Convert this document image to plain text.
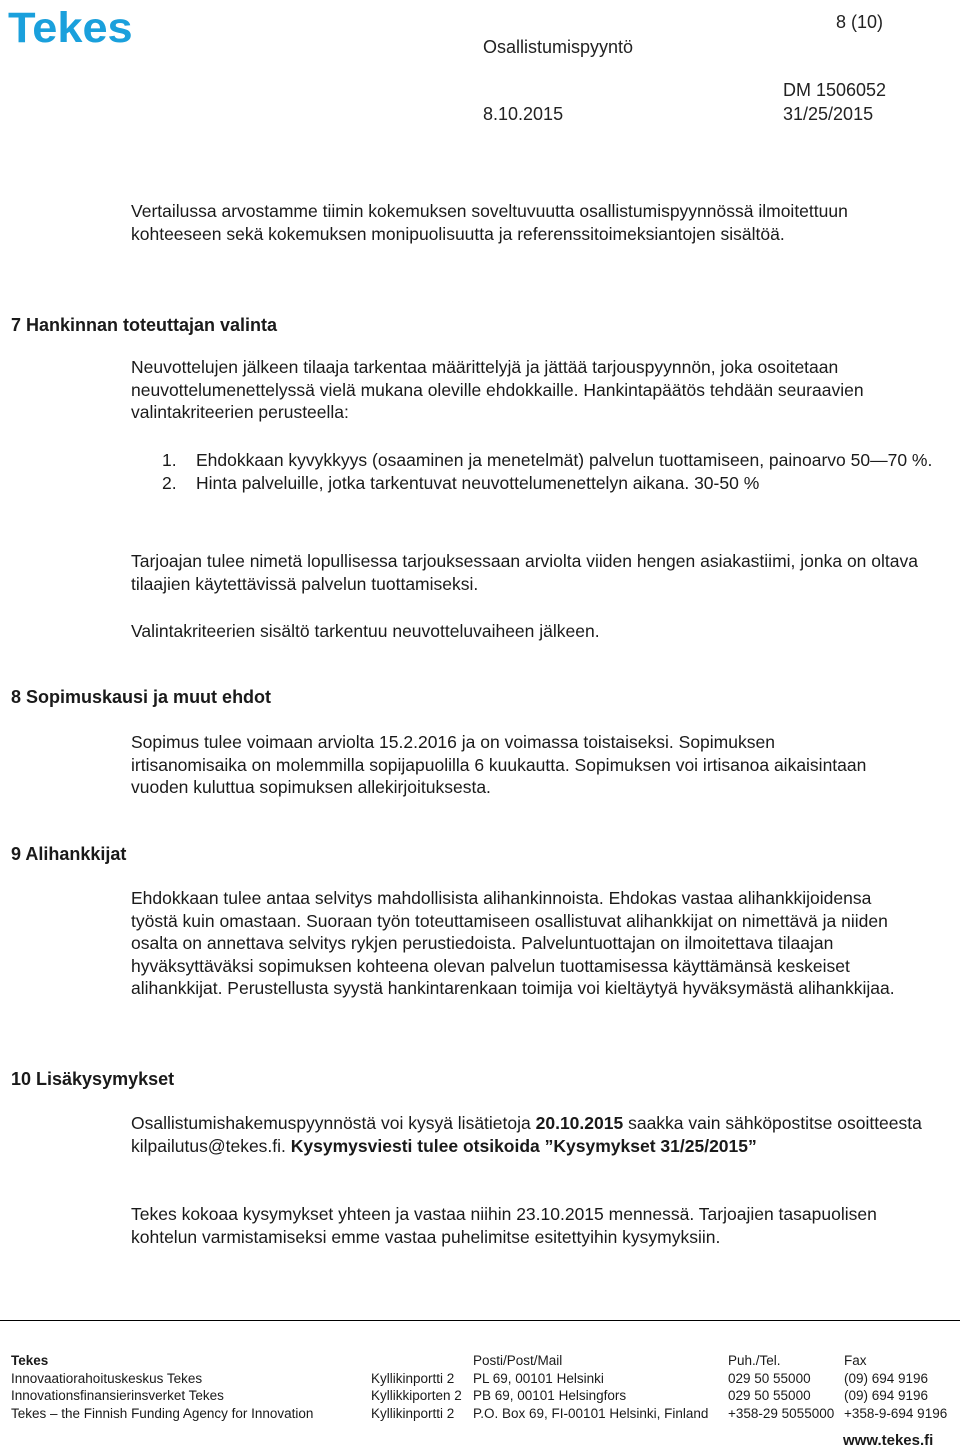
Tekes	8 (10)
Osallistumispyyntö
DM 1506052
8.10.2015	31/25/2015

Vertailussa arvostamme tiimin kokemuksen soveltuvuutta osallistumispyynnössä ilmoitettuun kohteeseen sekä kokemuksen monipuolisuutta ja referenssitoimeksiantojen sisältöä.

7 Hankinnan toteuttajan valinta

Neuvottelujen jälkeen tilaaja tarkentaa määrittelyjä ja jättää tarjouspyynnön, joka osoitetaan neuvottelumenettelyssä vielä mukana oleville ehdokkaille. Hankintapäätös tehdään seuraavien valintakriteerien perusteella:

1. Ehdokkaan kyvykkyys (osaaminen ja menetelmät) palvelun tuottamiseen, painoarvo 50—70 %.
2. Hinta palveluille, jotka tarkentuvat neuvottelumenettelyn aikana. 30-50 %

Tarjoajan tulee nimetä lopullisessa tarjouksessaan arviolta viiden hengen asiakastiimi, jonka on oltava tilaajien käytettävissä palvelun tuottamiseksi.

Valintakriteerien sisältö tarkentuu neuvotteluvaiheen jälkeen.

8 Sopimuskausi ja muut ehdot

Sopimus tulee voimaan arviolta 15.2.2016 ja on voimassa toistaiseksi. Sopimuksen irtisanomisaika on molemmilla sopijapuolilla 6 kuukautta. Sopimuksen voi irtisanoa aikaisintaan vuoden kuluttua sopimuksen allekirjoituksesta.

9 Alihankkijat

Ehdokkaan tulee antaa selvitys mahdollisista alihankinnoista. Ehdokas vastaa alihankkijoidensa työstä kuin omastaan. Suoraan työn toteuttamiseen osallistuvat alihankkijat on nimettävä ja niiden osalta on annettava selvitys rykjen perustiedoista. Palveluntuottajan on ilmoitettava tilaajan hyväksyttäväksi sopimuksen kohteena olevan palvelun tuottamisessa käyttämänsä keskeiset alihankkijat. Perustellusta syystä hankintarenkaan toimija voi kieltäytyä hyväksymästä alihankkijaa.

10 Lisäkysymykset

Osallistumishakemuspyynnöstä voi kysyä lisätietoja 20.10.2015 saakka vain sähköpostitse osoitteesta kilpailutus@tekes.fi. Kysymysviesti tulee otsikoida ”Kysymykset 31/25/2015”

Tekes kokoaa kysymykset yhteen ja vastaa niihin 23.10.2015 mennessä. Tarjoajien tasapuolisen kohtelun varmistamiseksi emme vastaa puhelimitse esitettyihin kysymyksiin.

Tekes
Innovaatiorahoituskeskus Tekes
Innovationsfinansierinsverket Tekes
Tekes – the Finnish Funding Agency for Innovation
Kyllikinportti 2
Kyllikkiporten 2
Kyllikinportti 2
Posti/Post/Mail
PL 69, 00101 Helsinki
PB 69, 00101 Helsingfors
P.O. Box 69, FI-00101 Helsinki, Finland
Puh./Tel.
029 50 55000
029 50 55000
+358-29 5055000
Fax
(09) 694 9196
(09) 694 9196
+358-9-694 9196
www.tekes.fi
